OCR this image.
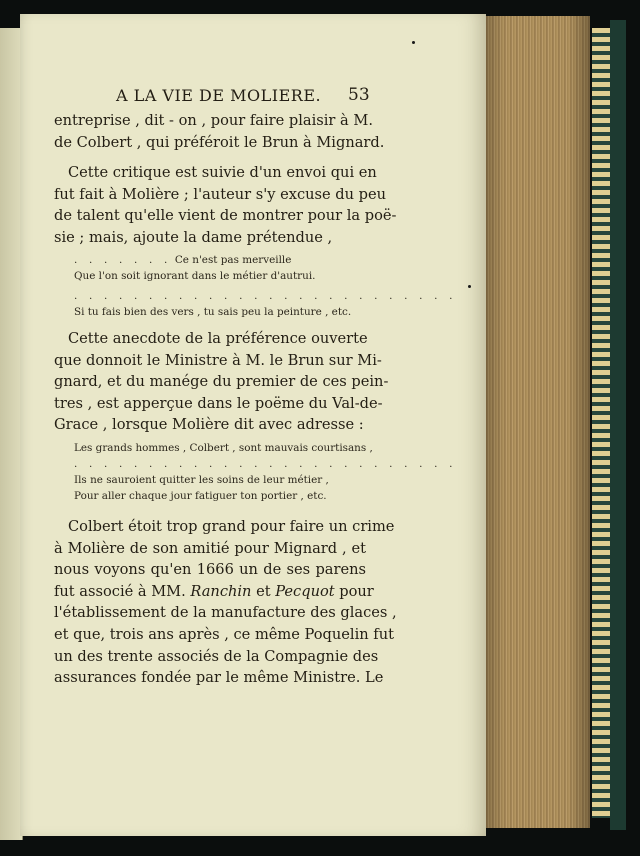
A LA VIE DE MOLIERE.	53
entreprise , dit - on , pour faire plaisir à M.
de Colbert , qui préféroit le Brun à Mignard.
Cette critique est suivie d'un envoi qui en
fut fait à Molière ; l'auteur s'y excuse du peu
de talent qu'elle vient de montrer pour la poë-
sie ; mais, ajoute la dame prétendue ,
. . . . . . . Ce n'est pas merveille
Que l'on soit ignorant dans le métier d'autrui.
. . . . . . . . . . . . . . . . . . . . . . . . . .
Si tu fais bien des vers , tu sais peu la peinture , etc.
Cette anecdote de la préférence ouverte
que donnoit le Ministre à M. le Brun sur Mi-
gnard, et du manége du premier de ces pein-
tres , est apperçue dans le poëme du Val-de-
Grace , lorsque Molière dit avec adresse :
Les grands hommes , Colbert , sont mauvais courtisans ,
. . . . . . . . . . . . . . . . . . . . . . . . . .
Ils ne sauroient quitter les soins de leur métier ,
Pour aller chaque jour fatiguer ton portier , etc.
Colbert étoit trop grand pour faire un crime
à Molière de son amitié pour Mignard , et
nous voyons qu'en 1666 un de ses parens
fut associé à MM. Ranchin et Pecquot pour
l'établissement de la manufacture des glaces ,
et que, trois ans après , ce même Poquelin fut
un des trente associés de la Compagnie des
assurances fondée par le même Ministre. Le
